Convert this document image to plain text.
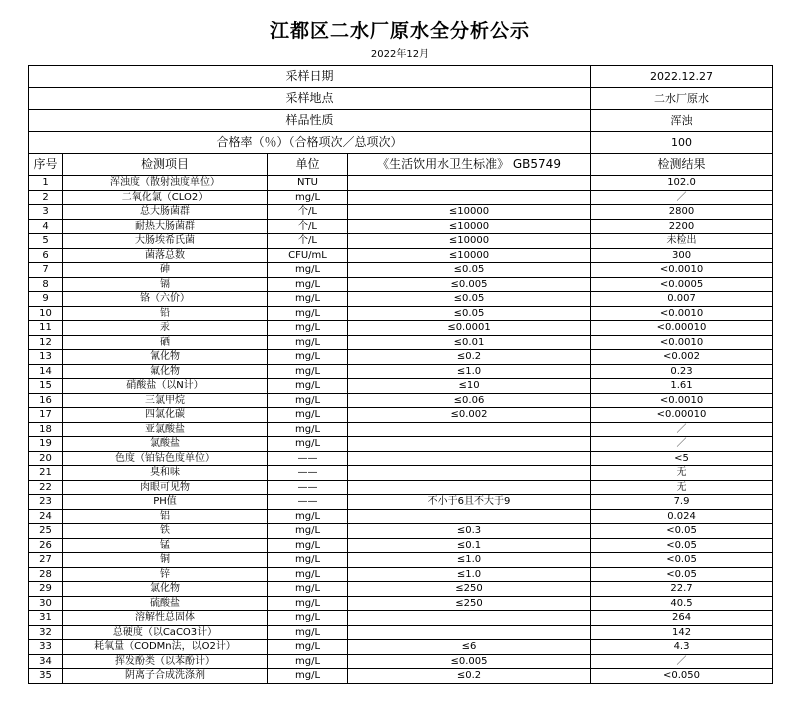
江都区二水厂原水全分析公示
2022年12月
采样日期				2022.12.27
采样地点				二水厂原水
样品性质				浑浊
合格率（％）（合格项次／总项次）				100
序号	检测项目	单位	《生活饮用水卫生标准》 GB5749	检测结果
1	浑浊度（散射浊度单位）	NTU		102.0
2	二氧化氯（CLO2）	mg/L		／
3	总大肠菌群	个/L	≤10000	2800
4	耐热大肠菌群	个/L	≤10000	2200
5	大肠埃希氏菌	个/L	≤10000	未检出
6	菌落总数	CFU/mL	≤10000	300
7	砷	mg/L	≤0.05	<0.0010
8	镉	mg/L	≤0.005	<0.0005
9	铬（六价）	mg/L	≤0.05	0.007
10	铅	mg/L	≤0.05	<0.0010
11	汞	mg/L	≤0.0001	<0.00010
12	硒	mg/L	≤0.01	<0.0010
13	氰化物	mg/L	≤0.2	<0.002
14	氟化物	mg/L	≤1.0	0.23
15	硝酸盐（以N计）	mg/L	≤10	1.61
16	三氯甲烷	mg/L	≤0.06	<0.0010
17	四氯化碳	mg/L	≤0.002	<0.00010
18	亚氯酸盐	mg/L		／
19	氯酸盐	mg/L		／
20	色度（铂钴色度单位）	——		<5
21	臭和味	——		无
22	肉眼可见物	——		无
23	PH值	——	不小于6且不大于9	7.9
24	铝	mg/L		0.024
25	铁	mg/L	≤0.3	<0.05
26	锰	mg/L	≤0.1	<0.05
27	铜	mg/L	≤1.0	<0.05
28	锌	mg/L	≤1.0	<0.05
29	氯化物	mg/L	≤250	22.7
30	硫酸盐	mg/L	≤250	40.5
31	溶解性总固体	mg/L		264
32	总硬度（以CaCO3计）	mg/L		142
33	耗氧量（CODMn法，以O2计）	mg/L	≤6	4.3
34	挥发酚类（以苯酚计）	mg/L	≤0.005	／
35	阴离子合成洗涤剂	mg/L	≤0.2	<0.050
